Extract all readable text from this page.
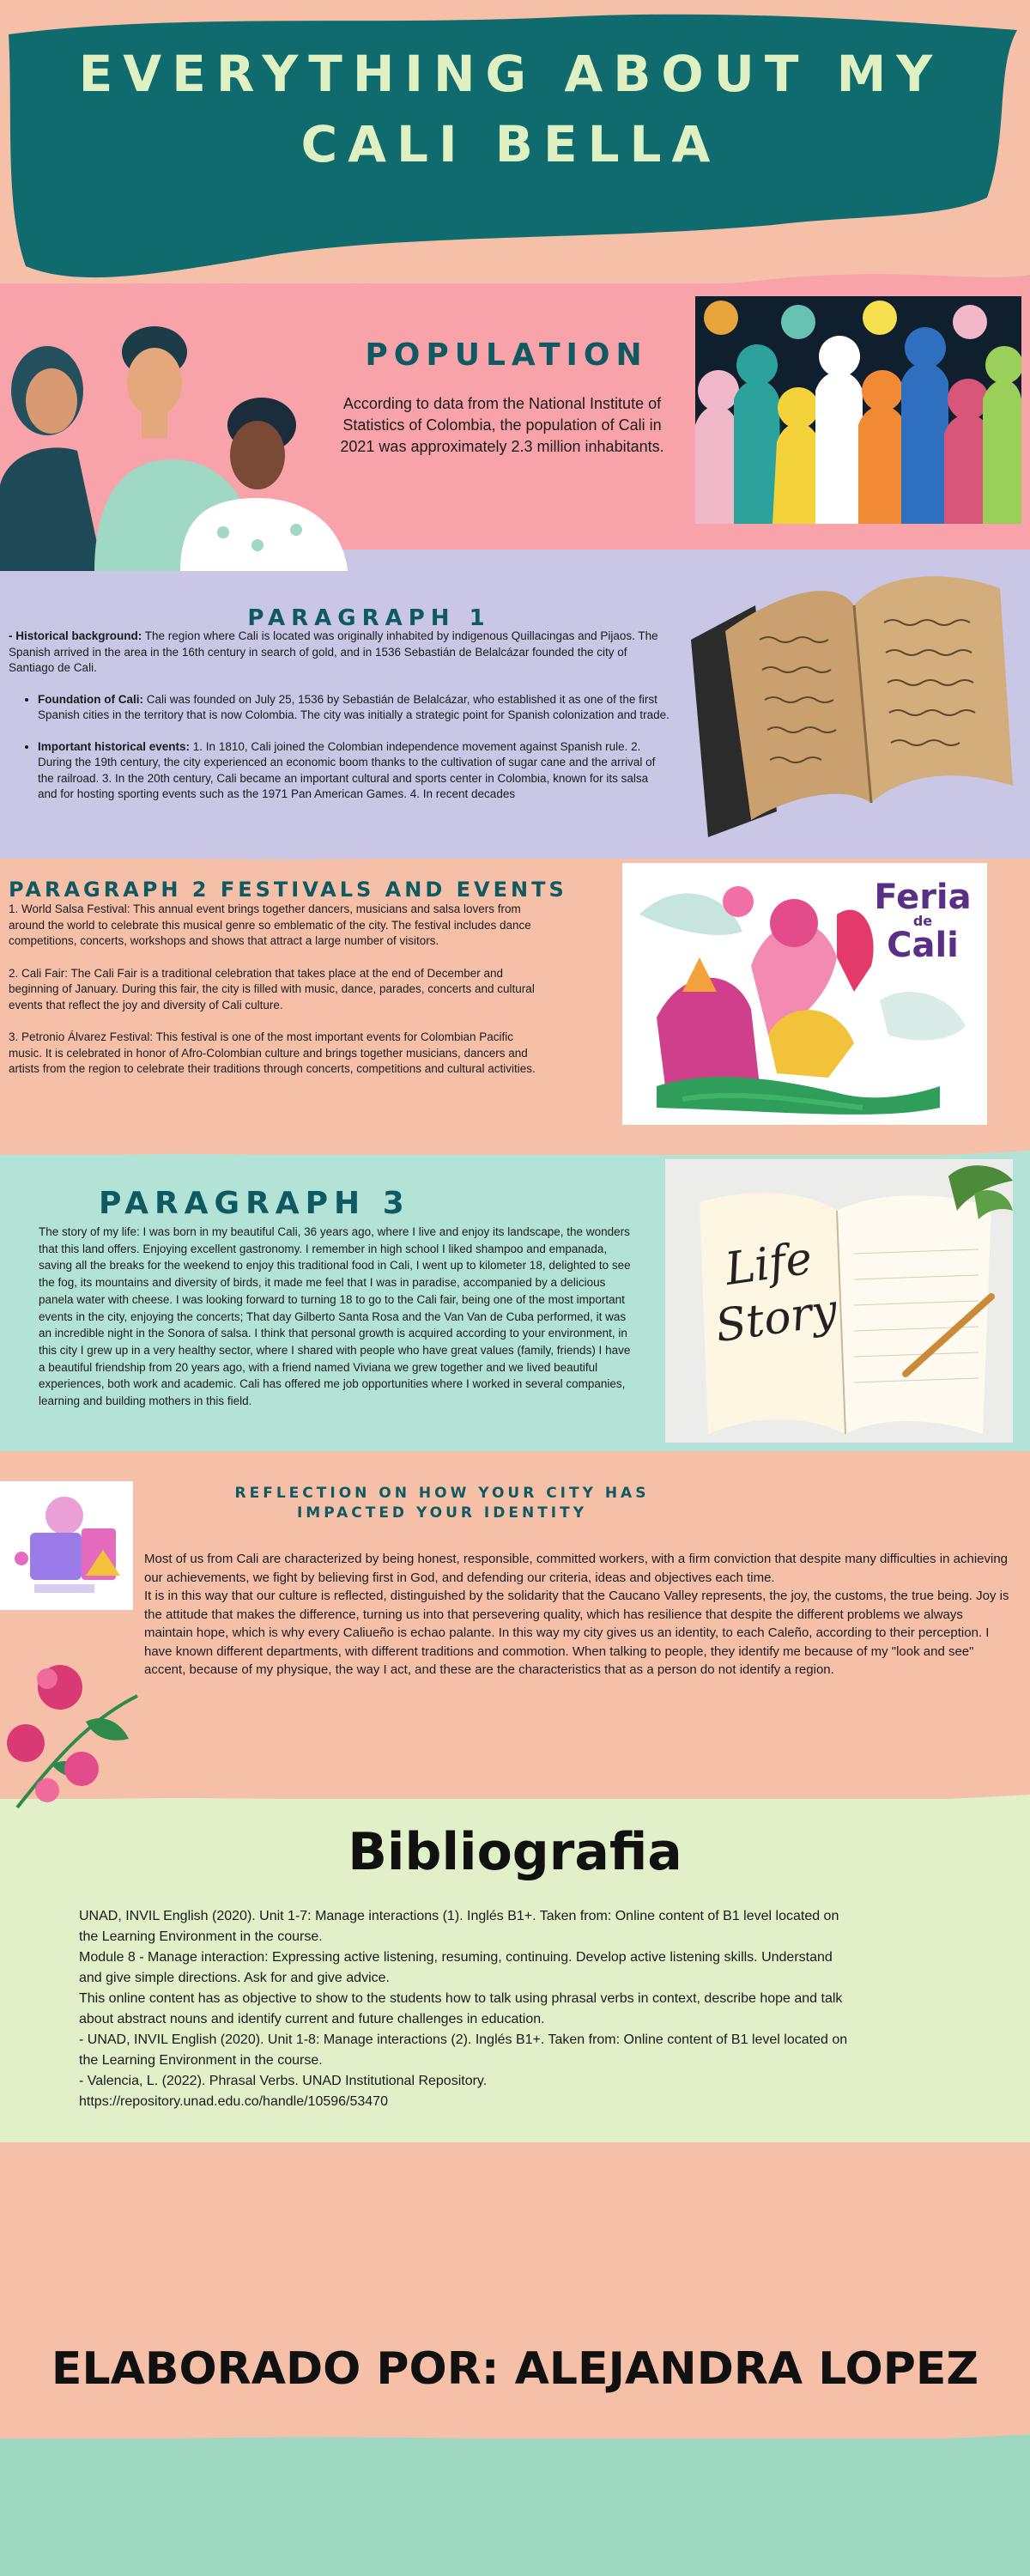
EVERYTHING ABOUT MY
CALI BELLA
POPULATION
According to data from the National Institute of Statistics of Colombia, the population of Cali in 2021 was approximately 2.3 million inhabitants.
PARAGRAPH 1

- Historical background: The region where Cali is located was originally inhabited by indigenous Quillacingas and Pijaos. The Spanish arrived in the area in the 16th century in search of gold, and in 1536 Sebastián de Belalcázar founded the city of Santiago de Cali.

• Foundation of Cali: Cali was founded on July 25, 1536 by Sebastián de Belalcázar, who established it as one of the first Spanish cities in the territory that is now Colombia. The city was initially a strategic point for Spanish colonization and trade.
• Important historical events: 1. In 1810, Cali joined the Colombian independence movement against Spanish rule. 2. During the 19th century, the city experienced an economic boom thanks to the cultivation of sugar cane and the arrival of the railroad. 3. In the 20th century, Cali became an important cultural and sports center in Colombia, known for its salsa and for hosting sporting events such as the 1971 Pan American Games. 4. In recent decades
PARAGRAPH 2 FESTIVALS AND EVENTS

1. World Salsa Festival: This annual event brings together dancers, musicians and salsa lovers from around the world to celebrate this musical genre so emblematic of the city. The festival includes dance competitions, concerts, workshops and shows that attract a large number of visitors.

2. Cali Fair: The Cali Fair is a traditional celebration that takes place at the end of December and beginning of January. During this fair, the city is filled with music, dance, parades, concerts and cultural events that reflect the joy and diversity of Cali culture.

3. Petronio Álvarez Festival: This festival is one of the most important events for Colombian Pacific music. It is celebrated in honor of Afro-Colombian culture and brings together musicians, dancers and artists from the region to celebrate their traditions through concerts, competitions and cultural activities.

Feria
de
Cali
PARAGRAPH 3
The story of my life: I was born in my beautiful Cali, 36 years ago, where I live and enjoy its landscape, the wonders that this land offers. Enjoying excellent gastronomy. I remember in high school I liked shampoo and empanada, saving all the breaks for the weekend to enjoy this traditional food in Cali, I went up to kilometer 18, delighted to see the fog, its mountains and diversity of birds, it made me feel that I was in paradise, accompanied by a delicious panela water with cheese. I was looking forward to turning 18 to go to the Cali fair, being one of the most important events in the city, enjoying the concerts; That day Gilberto Santa Rosa and the Van Van de Cuba performed, it was an incredible night in the Sonora of salsa. I think that personal growth is acquired according to your environment, in this city I grew up in a very healthy sector, where I shared with people who have great values (family, friends) I have a beautiful friendship from 20 years ago, with a friend named Viviana we grew together and we lived beautiful experiences, both work and academic. Cali has offered me job opportunities where I worked in several companies, learning and building mothers in this field.
Life
Story
REFLECTION ON HOW YOUR CITY HAS
IMPACTED YOUR IDENTITY

Most of us from Cali are characterized by being honest, responsible, committed workers, with a firm conviction that despite many difficulties in achieving our achievements, we fight by believing first in God, and defending our criteria, ideas and objectives each time.

It is in this way that our culture is reflected, distinguished by the solidarity that the Caucano Valley represents, the joy, the customs, the true being. Joy is the attitude that makes the difference, turning us into that persevering quality, which has resilience that despite the different problems we always maintain hope, which is why every Caliueño is echao palante. In this way my city gives us an identity, to each Caleño, according to their perception. I have known different departments, with different traditions and commotion. When talking to people, they identify me because of my "look and see" accent, because of my physique, the way I act, and these are the characteristics that as a person do not identify a region.

Bibliografia

UNAD, INVIL English (2020). Unit 1-7: Manage interactions (1). Inglés B1+. Taken from: Online content of B1 level located on the Learning Environment in the course.

Module 8 - Manage interaction: Expressing active listening, resuming, continuing. Develop active listening skills. Understand and give simple directions. Ask for and give advice.

This online content has as objective to show to the students how to talk using phrasal verbs in context, describe hope and talk about abstract nouns and identify current and future challenges in education.

- UNAD, INVIL English (2020). Unit 1-8: Manage interactions (2). Inglés B1+. Taken from: Online content of B1 level located on the Learning Environment in the course.

- Valencia, L. (2022). Phrasal Verbs. UNAD Institutional Repository.

https://repository.unad.edu.co/handle/10596/53470

ELABORADO POR: ALEJANDRA LOPEZ
